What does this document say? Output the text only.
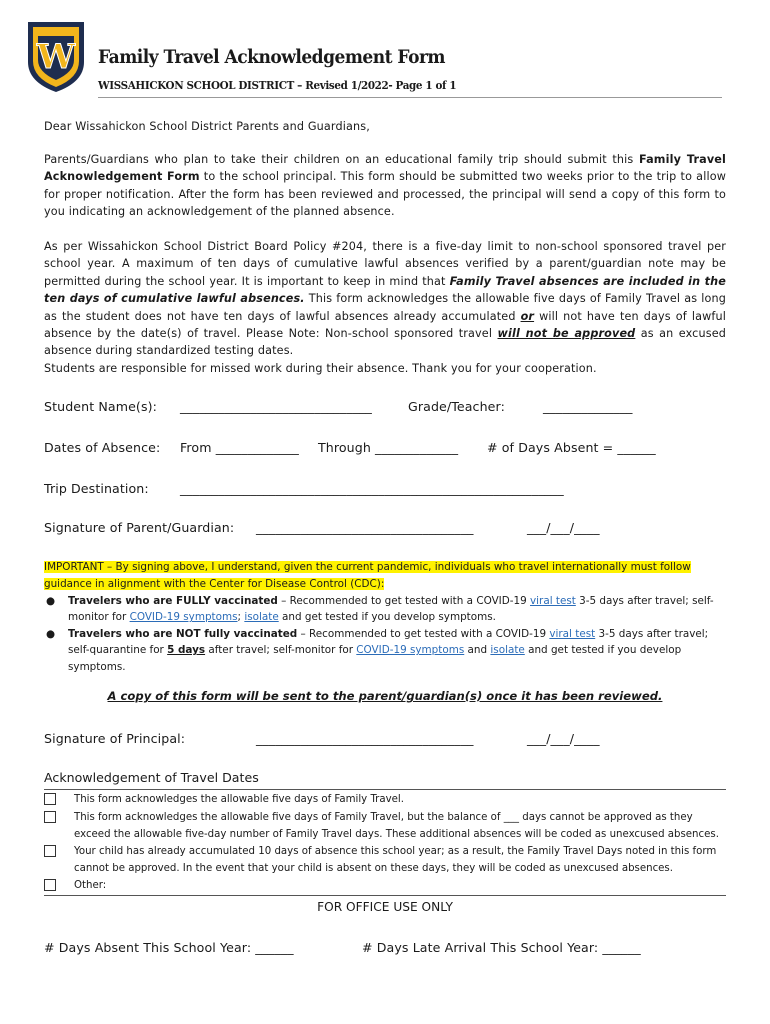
W Family Travel Acknowledgement Form
WISSAHICKON SCHOOL DISTRICT – Revised 1/2022- Page 1 of 1
Dear Wissahickon School District Parents and Guardians,
Parents/Guardians who plan to take their children on an educational family trip should submit this Family Travel Acknowledgement Form to the school principal. This form should be submitted two weeks prior to the trip to allow for proper notification. After the form has been reviewed and processed, the principal will send a copy of this form to you indicating an acknowledgement of the planned absence.
As per Wissahickon School District Board Policy #204, there is a five-day limit to non-school sponsored travel per school year. A maximum of ten days of cumulative lawful absences verified by a parent/guardian note may be permitted during the school year. It is important to keep in mind that Family Travel absences are included in the ten days of cumulative lawful absences. This form acknowledges the allowable five days of Family Travel as long as the student does not have ten days of lawful absences already accumulated or will not have ten days of lawful absence by the date(s) of travel. Please Note: Non-school sponsored travel will not be approved as an excused absence during standardized testing dates.
Students are responsible for missed work during their absence. Thank you for your cooperation.
Student Name(s): ______________________________	Grade/Teacher:	______________
Dates of Absence: From _____________ Through _____________ # of Days Absent = ______
Trip Destination: ____________________________________________________________
Signature of Parent/Guardian: __________________________________	___/___/____
IMPORTANT – By signing above, I understand, given the current pandemic, individuals who travel internationally must follow guidance in alignment with the Center for Disease Control (CDC):
● Travelers who are FULLY vaccinated – Recommended to get tested with a COVID-19 viral test 3-5 days after travel; self-monitor for COVID-19 symptoms; isolate and get tested if you develop symptoms.
● Travelers who are NOT fully vaccinated – Recommended to get tested with a COVID-19 viral test 3-5 days after travel; self-quarantine for 5 days after travel; self-monitor for COVID-19 symptoms and isolate and get tested if you develop symptoms.
A copy of this form will be sent to the parent/guardian(s) once it has been reviewed.
Signature of Principal:	__________________________________	___/___/____
Acknowledgement of Travel Dates
This form acknowledges the allowable five days of Family Travel.
This form acknowledges the allowable five days of Family Travel, but the balance of ___ days cannot be approved as they exceed the allowable five-day number of Family Travel days. These additional absences will be coded as unexcused absences.
Your child has already accumulated 10 days of absence this school year; as a result, the Family Travel Days noted in this form cannot be approved. In the event that your child is absent on these days, they will be coded as unexcused absences.
Other:
FOR OFFICE USE ONLY
# Days Absent This School Year: ______	# Days Late Arrival This School Year: ______
